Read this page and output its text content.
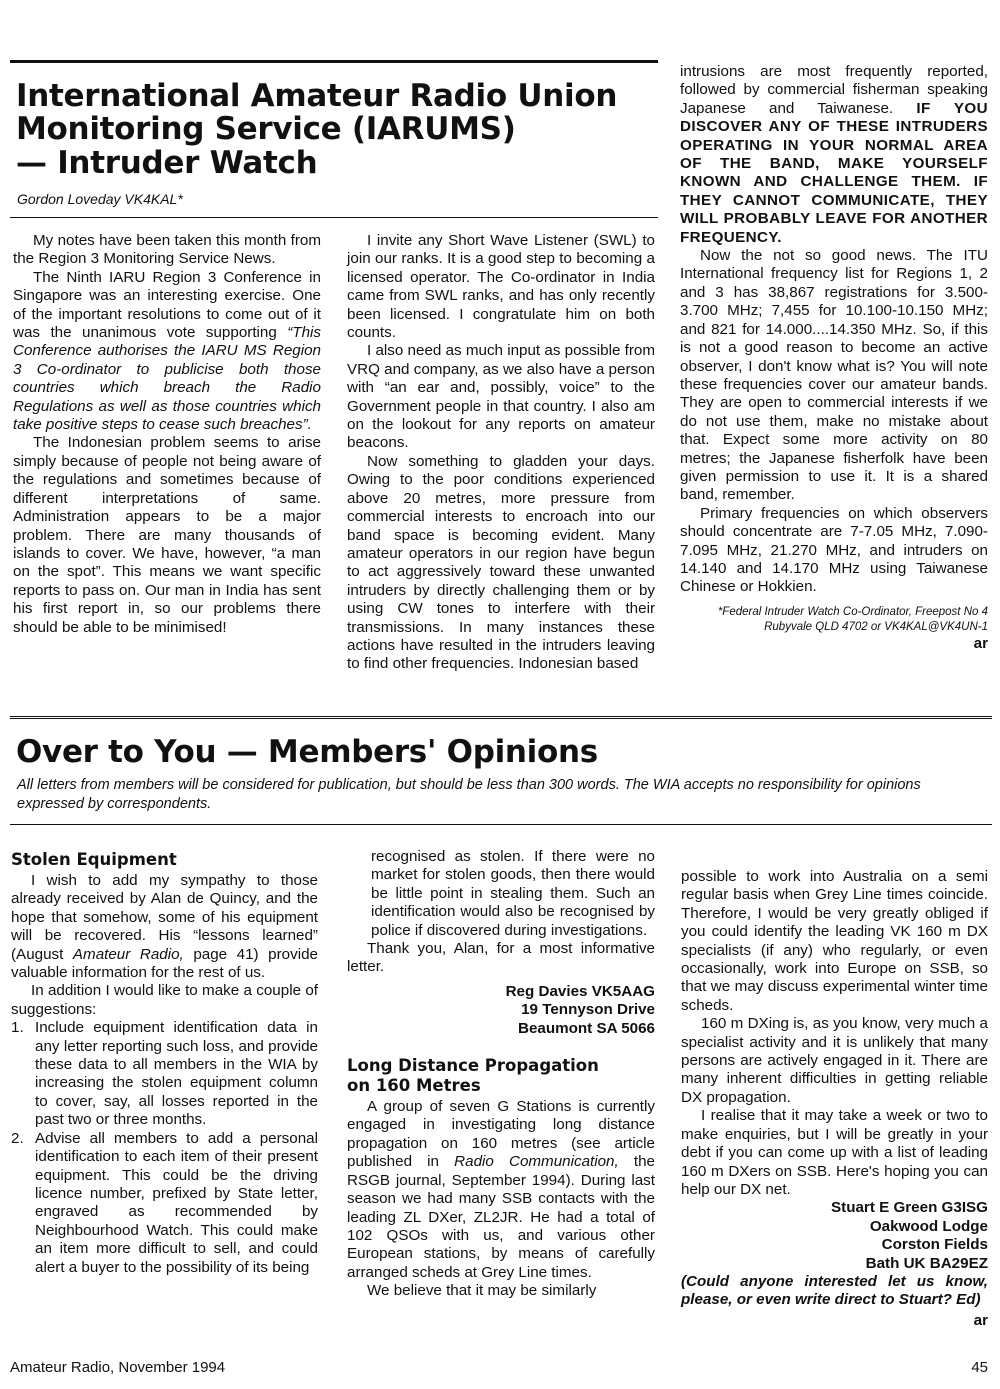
International Amateur Radio Union
Monitoring Service (IARUMS)
— Intruder Watch
Gordon Loveday VK4KAL*

My notes have been taken this month from the Region 3 Monitoring Service News.

The Ninth IARU Region 3 Conference in Singapore was an interesting exercise. One of the important resolutions to come out of it was the unanimous vote supporting “This Conference authorises the IARU MS Region 3 Co-ordinator to publicise both those countries which breach the Radio Regulations as well as those countries which take positive steps to cease such breaches”.

The Indonesian problem seems to arise simply because of people not being aware of the regulations and sometimes because of different interpretations of same. Administration appears to be a major problem. There are many thousands of islands to cover. We have, however, “a man on the spot”. This means we want specific reports to pass on. Our man in India has sent his first report in, so our problems there should be able to be minimised!

I invite any Short Wave Listener (SWL) to join our ranks. It is a good step to becoming a licensed operator. The Co-ordinator in India came from SWL ranks, and has only recently been licensed. I congratulate him on both counts.

I also need as much input as possible from VRQ and company, as we also have a person with “an ear and, possibly, voice” to the Government people in that country. I also am on the lookout for any reports on amateur beacons.

Now something to gladden your days. Owing to the poor conditions experienced above 20 metres, more pressure from commercial interests to encroach into our band space is becoming evident. Many amateur operators in our region have begun to act aggressively toward these unwanted intruders by directly challenging them or by using CW tones to interfere with their transmissions. In many instances these actions have resulted in the intruders leaving to find other frequencies. Indonesian based

intrusions are most frequently reported, followed by commercial fisherman speaking Japanese and Taiwanese. IF YOU DISCOVER ANY OF THESE INTRUDERS OPERATING IN YOUR NORMAL AREA OF THE BAND, MAKE YOURSELF KNOWN AND CHALLENGE THEM. IF THEY CANNOT COMMUNICATE, THEY WILL PROBABLY LEAVE FOR ANOTHER FREQUENCY.

Now the not so good news. The ITU International frequency list for Regions 1, 2 and 3 has 38,867 registrations for 3.500-3.700 MHz; 7,455 for 10.100-10.150 MHz; and 821 for 14.000....14.350 MHz. So, if this is not a good reason to become an active observer, I don't know what is? You will note these frequencies cover our amateur bands. They are open to commercial interests if we do not use them, make no mistake about that. Expect some more activity on 80 metres; the Japanese fisherfolk have been given permission to use it. It is a shared band, remember.

Primary frequencies on which observers should concentrate are 7-7.05 MHz, 7.090-7.095 MHz, 21.270 MHz, and intruders on 14.140 and 14.170 MHz using Taiwanese Chinese or Hokkien.

*Federal Intruder Watch Co-Ordinator, Freepost No 4
Rubyvale QLD 4702 or VK4KAL@VK4UN-1
ar
Over to You — Members' Opinions
All letters from members will be considered for publication, but should be less than 300 words. The WIA accepts no responsibility for opinions expressed by correspondents.
Stolen Equipment

I wish to add my sympathy to those already received by Alan de Quincy, and the hope that somehow, some of his equipment will be recovered. His “lessons learned” (August Amateur Radio, page 41) provide valuable information for the rest of us.

In addition I would like to make a couple of suggestions:

1. Include equipment identification data in any letter reporting such loss, and provide these data to all members in the WIA by increasing the stolen equipment column to cover, say, all losses reported in the past two or three months.
2. Advise all members to add a personal identification to each item of their present equipment. This could be the driving licence number, prefixed by State letter, engraved as recommended by Neighbourhood Watch. This could make an item more difficult to sell, and could alert a buyer to the possibility of its being
recognised as stolen. If there were no market for stolen goods, then there would be little point in stealing them. Such an identification would also be recognised by police if discovered during investigations.

Thank you, Alan, for a most informative letter.

Reg Davies VK5AAG
19 Tennyson Drive
Beaumont SA 5066
Long Distance Propagation
on 160 Metres

A group of seven G Stations is currently engaged in investigating long distance propagation on 160 metres (see article published in Radio Communication, the RSGB journal, September 1994). During last season we had many SSB contacts with the leading ZL DXer, ZL2JR. He had a total of 102 QSOs with us, and various other European stations, by means of carefully arranged scheds at Grey Line times.

We believe that it may be similarly

possible to work into Australia on a semi regular basis when Grey Line times coincide. Therefore, I would be very greatly obliged if you could identify the leading VK 160 m DX specialists (if any) who regularly, or even occasionally, work into Europe on SSB, so that we may discuss experimental winter time scheds.

160 m DXing is, as you know, very much a specialist activity and it is unlikely that many persons are actively engaged in it. There are many inherent difficulties in getting reliable DX propagation.

I realise that it may take a week or two to make enquiries, but I will be greatly in your debt if you can come up with a list of leading 160 m DXers on SSB. Here's hoping you can help our DX net.

Stuart E Green G3ISG
Oakwood Lodge
Corston Fields
Bath UK BA29EZ

(Could anyone interested let us know, please, or even write direct to Stuart? Ed)

ar
Amateur Radio, November 1994	45
